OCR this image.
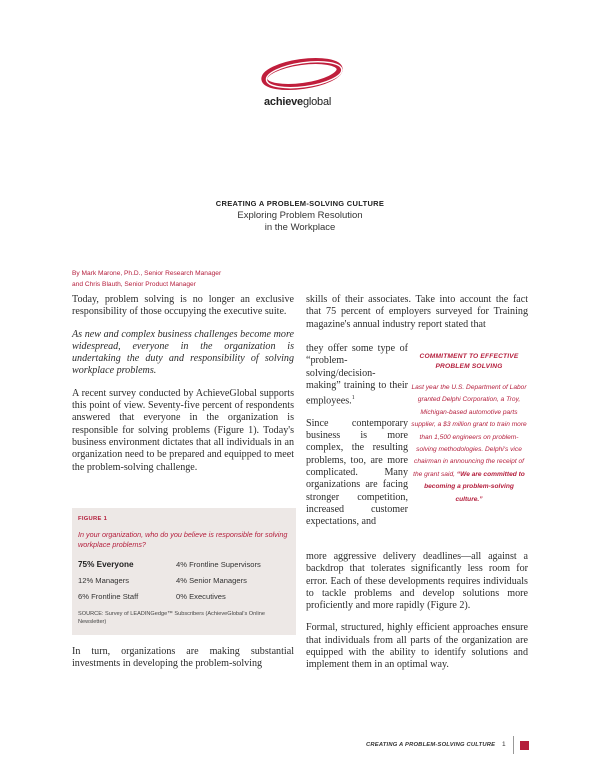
achieveglobal
CREATING A PROBLEM-SOLVING CULTURE
Exploring Problem Resolution
in the Workplace
By Mark Marone, Ph.D., Senior Research Manager
and Chris Blauth, Senior Product Manager

Today, problem solving is no longer an exclusive responsibility of those occupying the executive suite.

As new and complex business challenges become more widespread, everyone in the organization is undertaking the duty and responsibility of solving workplace problems.

A recent survey conducted by AchieveGlobal supports this point of view. Seventy-five percent of respondents answered that everyone in the organization is responsible for solving problems (Figure 1). Today's business environment dictates that all individuals in an organization need to be prepared and equipped to meet the problem-solving challenge.

FIGURE 1
In your organization, who do you believe is responsible for solving workplace problems?
75% Everyone	4% Frontline Supervisors
12% Managers	4% Senior Managers
6% Frontline Staff	0% Executives
SOURCE: Survey of LEADINGedge™ Subscribers (AchieveGlobal's Online Newsletter)
In turn, organizations are making substantial investments in developing the problem-solving
skills of their associates. Take into account the fact that 75 percent of employers surveyed for Training magazine's annual industry report stated that

they offer some type of “problem-solving/decision-making” training to their employees.$^1$

Since contemporary business is more complex, the resulting problems, too, are more complicated. Many organizations are facing stronger competition, increased customer expectations, and

COMMITMENT TO EFFECTIVE
PROBLEM SOLVING
Last year the U.S. Department of Labor granted Delphi Corporation, a Troy, Michigan-based automotive parts supplier, a $3 million grant to train more than 1,500 engineers on problem-solving methodologies. Delphi's vice chairman in announcing the receipt of the grant said, “We are committed to becoming a problem-solving culture.”

more aggressive delivery deadlines—all against a backdrop that tolerates significantly less room for error. Each of these developments requires individuals to tackle problems and develop solutions more proficiently and more rapidly (Figure 2).

Formal, structured, highly efficient approaches ensure that individuals from all parts of the organization are equipped with the ability to identify solutions and implement them in an optimal way.

CREATING A PROBLEM-SOLVING CULTURE 1
